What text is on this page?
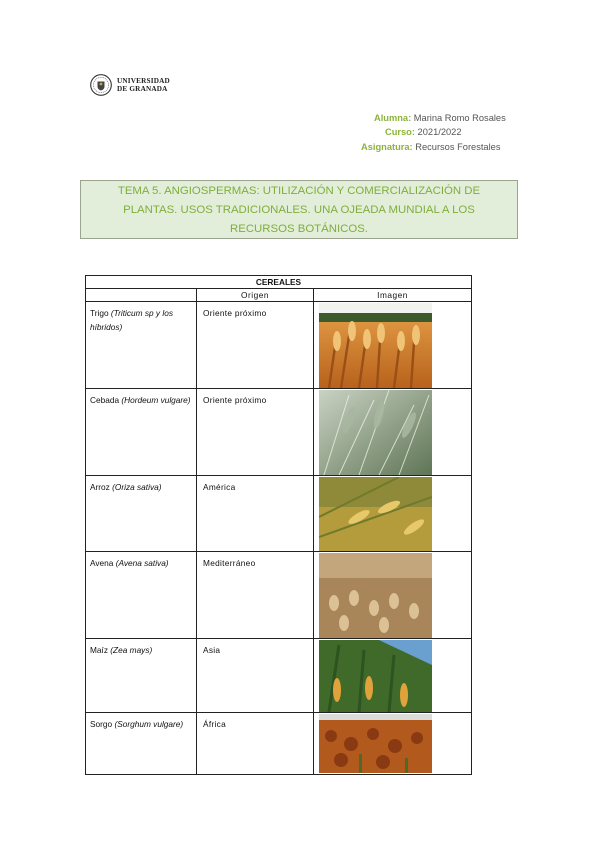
UNIVERSIDAD
DE GRANADA
Alumna: Marina Romo Rosales
Curso: 2021/2022
Asignatura: Recursos Forestales
TEMA 5. ANGIOSPERMAS: UTILIZACIÓN Y COMERCIALIZACIÓN DE
PLANTAS. USOS TRADICIONALES. UNA OJEADA MUNDIAL A LOS
RECURSOS BOTÁNICOS.
CEREALES		
	Origen	Imagen
Trigo (Triticum sp y los híbridos)	Oriente próximo	

Cebada (Hordeum vulgare)	Oriente próximo	

Arroz (Oriza sativa)	América	

Avena (Avena sativa)	Mediterráneo	

Maíz (Zea mays)	Asia	

Sorgo (Sorghum vulgare)	África	
